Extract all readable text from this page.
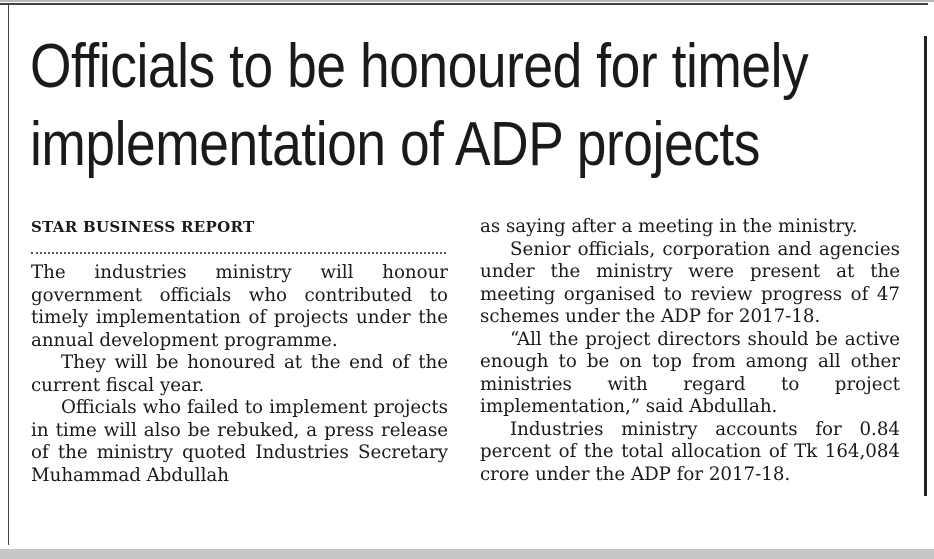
Officials to be honoured for timely
implementation of ADP projects

STAR BUSINESS REPORT

The industries ministry will honour government officials who contributed to timely implementation of projects under the annual development programme.

They will be honoured at the end of the current fiscal year.

Officials who failed to implement projects in time will also be rebuked, a press release of the ministry quoted Industries Secretary Muhammad Abdullah

as saying after a meeting in the ministry.

Senior officials, corporation and agencies under the ministry were present at the meeting organised to review progress of 47 schemes under the ADP for 2017-18.

“All the project directors should be active enough to be on top from among all other ministries with regard to project implementation,” said Abdullah.

Industries ministry accounts for 0.84 percent of the total allocation of Tk 164,084 crore under the ADP for 2017-18.
